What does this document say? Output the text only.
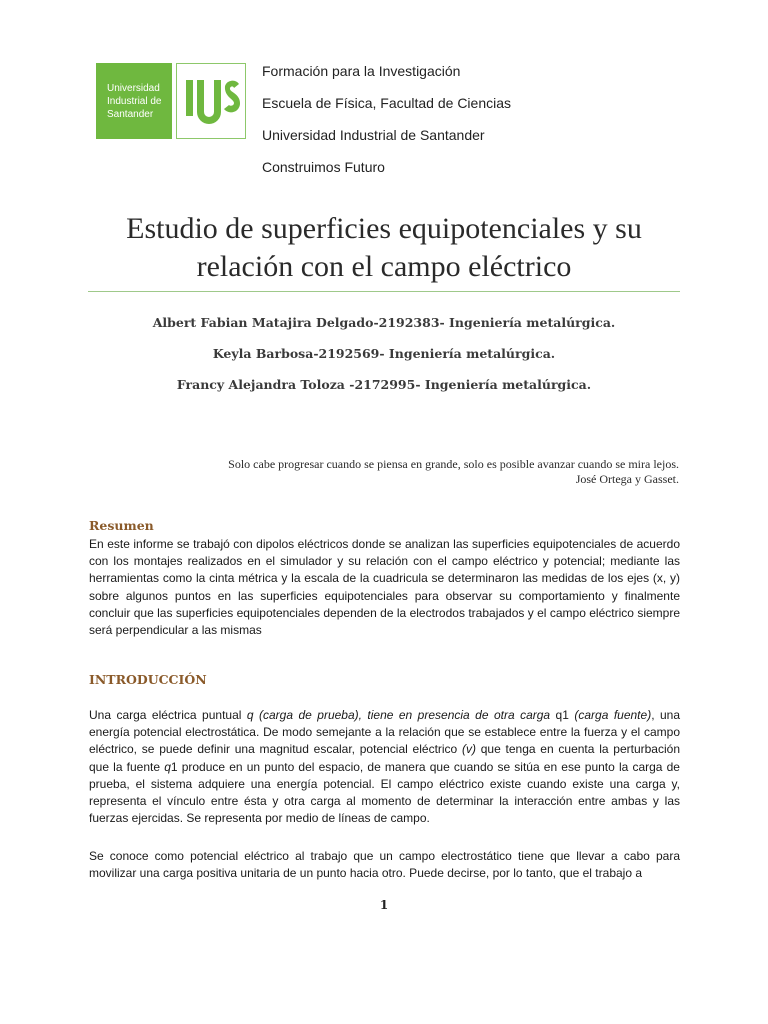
Universidad
Industrial de
Santander
Formación para la Investigación
Escuela de Física, Facultad de Ciencias
Universidad Industrial de Santander
Construimos Futuro
Estudio de superficies equipotenciales y su
relación con el campo eléctrico
Albert Fabian Matajira Delgado-2192383- Ingeniería metalúrgica.
Keyla Barbosa-2192569- Ingeniería metalúrgica.
Francy Alejandra Toloza -2172995- Ingeniería metalúrgica.
Solo cabe progresar cuando se piensa en grande, solo es posible avanzar cuando se mira lejos.
José Ortega y Gasset.
Resumen
En este informe se trabajó con dipolos eléctricos donde se analizan las superficies equipotenciales de acuerdo con los montajes realizados en el simulador y su relación con el campo eléctrico y potencial; mediante las herramientas como la cinta métrica y la escala de la cuadricula se determinaron las medidas de los ejes (x, y) sobre algunos puntos en las superficies equipotenciales para observar su comportamiento y finalmente concluir que las superficies equipotenciales dependen de la electrodos trabajados y el campo eléctrico siempre será perpendicular a las mismas
INTRODUCCIÓN
Una carga eléctrica puntual q (carga de prueba), tiene en presencia de otra carga q1 (carga fuente), una energía potencial electrostática. De modo semejante a la relación que se establece entre la fuerza y el campo eléctrico, se puede definir una magnitud escalar, potencial eléctrico (v) que tenga en cuenta la perturbación que la fuente q1 produce en un punto del espacio, de manera que cuando se sitúa en ese punto la carga de prueba, el sistema adquiere una energía potencial. El campo eléctrico existe cuando existe una carga y, representa el vínculo entre ésta y otra carga al momento de determinar la interacción entre ambas y las fuerzas ejercidas. Se representa por medio de líneas de campo.
Se conoce como potencial eléctrico al trabajo que un campo electrostático tiene que llevar a cabo para movilizar una carga positiva unitaria de un punto hacia otro. Puede decirse, por lo tanto, que el trabajo a
1
